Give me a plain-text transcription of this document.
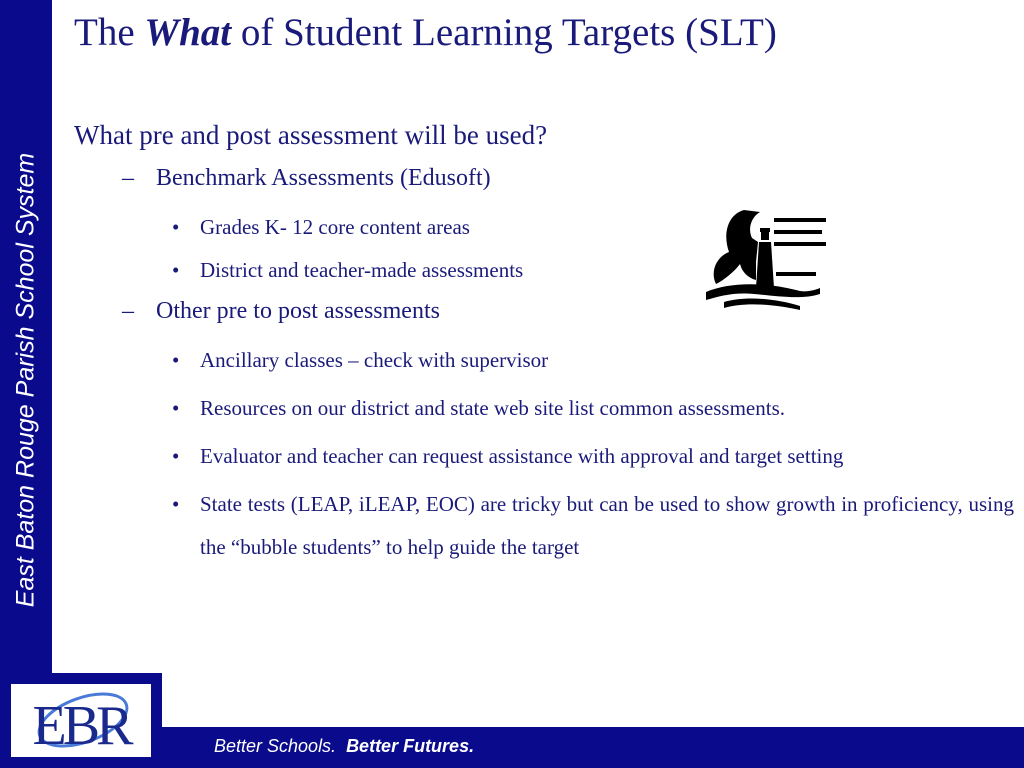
East Baton Rouge Parish School System
The What of Student Learning Targets (SLT)

What pre and post assessment will be used?

– Benchmark Assessments (Edusoft)
• Grades K- 12 core content areas
• District and teacher-made assessments
– Other pre to post assessments
• Ancillary classes – check with supervisor
• Resources on our district and state web site list common assessments.
• Evaluator and teacher can request assistance with approval and target setting
• State tests (LEAP, iLEAP, EOC) are tricky but can be used to show growth in proficiency, using the “bubble students” to help guide the target
EBR	Better Schools. Better Futures.
